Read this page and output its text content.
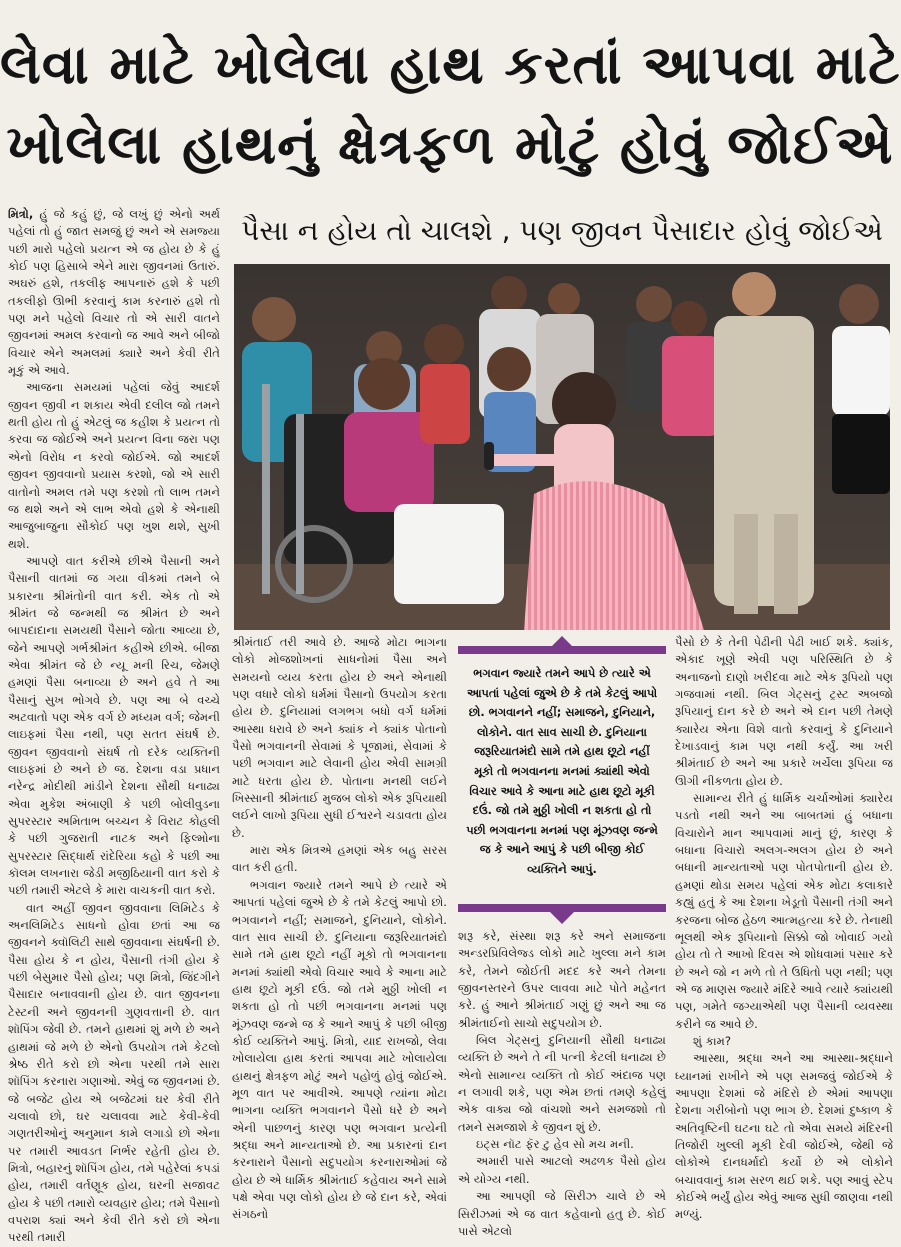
લેવા માટે ખોલેલા હાથ કરતાં આપવા માટે
ખોલેલા હાથનું ક્ષેત્રફળ મોટું હોવું જોઈએ
પૈસા ન હોય તો ચાલશે , પણ જીવન પૈસાદાર હોવું જોઈએ

મિત્રો, હું જે કહું છું, જે લખું છું એનો અર્થ પહેલાં તો હું જાત સમજું છું અને એ સમજ્યા પછી મારો પહેલો પ્રયત્ન એ જ હોય છે કે હું કોઈ પણ હિસાબે એને મારા જીવનમાં ઉતારું. અઘરું હશે, તકલીફ આપનારું હશે કે પછી તકલીફો ઊભી કરવાનું કામ કરનારું હશે તો પણ મને પહેલો વિચાર તો એ સારી વાતને જીવનમાં અમલ કરવાનો જ આવે અને બીજો વિચાર એને અમલમાં ક્યારે અને કેવી રીતે મૂકું એ આવે.

આજના સમયમાં પહેલાં જેવું આદર્શ જીવન જીવી ન શકાય એવી દલીલ જો તમને થતી હોય તો હું એટલું જ કહીશ કે પ્રયત્ન તો કરવા જ જોઈએ અને પ્રયત્ન વિના જરા પણ એનો વિરોધ ન કરવો જોઈએ. જો આદર્શ જીવન જીવવાનો પ્રયાસ કરશો, જો એ સારી વાતોનો અમલ તમે પણ કરશો તો લાભ તમને જ થશે અને એ લાભ એવો હશે કે એનાથી આજુબાજુના સૌકોઈ પણ ખુશ થશે, સુખી થશે.

આપણે વાત કરીએ છીએ પૈસાની અને પૈસાની વાતમાં જ ગયા વીકમાં તમને બે પ્રકારના શ્રીમંતોની વાત કરી. એક તો એ શ્રીમંત જે જન્મથી જ શ્રીમંત છે અને બાપદાદાના સમયથી પૈસાને જોતા આવ્યા છે, જેને આપણે ગર્ભશ્રીમંત કહીએ છીએ. બીજા એવા શ્રીમંત જે છે ન્યૂ મની રિચ, જેમણે હમણાં પૈસા બનાવ્યા છે અને હવે તે આ પૈસાનું સુખ ભોગવે છે. પણ આ બે વચ્ચે અટવાતો પણ એક વર્ગ છે મધ્યમ વર્ગ; જેમની લાઇફમાં પૈસા નથી, પણ સતત સંઘર્ષ છે. જીવન જીવવાનો સંઘર્ષ તો દરેક વ્યક્તિની લાઇફમાં છે અને છે જ. દેશના વડા પ્રધાન નરેન્દ્ર મોદીથી માંડીને દેશના સૌથી ધનાઢ્ય એવા મુકેશ અંબાણી કે પછી બોલીવુડના સુપરસ્ટાર અમિતાભ બચ્ચન કે વિરાટ કોહલી કે પછી ગુજરાતી નાટક અને ફિલ્મોના સુપરસ્ટાર સિદ્ધાર્થ રાંદેરિયા કહો કે પછી આ કૉલમ લખનારા જેડી મજીઠિયાની વાત કરો કે પછી તમારી એટલે કે મારા વાચકની વાત કરો.

વાત અહીં જીવન જીવવાના લિમિટેડ કે અનલિમિટેડ સાધનો હોવા છતાં આ જ જીવનને ક્વૉલિટી સાથે જીવવાના સંઘર્ષની છે. પૈસા હોય કે ન હોય, પૈસાની તંગી હોય કે પછી બેસુમાર પૈસો હોય; પણ મિત્રો, જિંદગીને પૈસાદાર બનાવવાની હોય છે. વાત જીવનના ટેસ્ટની અને જીવનની ગુણવત્તાની છે. વાત શૉપિંગ જેવી છે. તમને હાથમાં શું મળે છે અને હાથમાં જે મળે છે એનો ઉપયોગ તમે કેટલો શ્રેષ્ઠ રીતે કરો છો એના પરથી તમે સારા શૉપિંગ કરનારા ગણાઓ. એવું જ જીવનમાં છે. જે બજેટ હોય એ બજેટમાં ઘર કેવી રીતે ચલાવો છો, ઘર ચલાવવા માટે કેવી-કેવી ગણતરીઓનું અનુમાન કામે લગાડો છો એના પર તમારી આવડત નિર્ભર રહેતી હોય છે. મિત્રો, બહારનું શૉપિંગ હોય, તમે પહેરેલાં કપડાં હોય, તમારી વર્તણૂક હોય, ઘરની સજાવટ હોય કે પછી તમારો વ્યવહાર હોય; તમે પૈસાનો વપરાશ ક્યાં અને કેવી રીતે કરો છો એના પરથી તમારી

શ્રીમંતાઈ તરી આવે છે. આજે મોટા ભાગના લોકો મોજશોખનાં સાધનોમાં પૈસા અને સમયનો વ્યય કરતા હોય છે અને એનાથી પણ વધારે લોકો ધર્મમાં પૈસાનો ઉપયોગ કરતા હોય છે. દુનિયામાં લગભગ બધો વર્ગ ધર્મમાં આસ્થા ધરાવે છે અને ક્યાંક ને ક્યાંક પોતાનો પૈસો ભગવાનની સેવામાં કે પૂજામાં, સેવામાં કે પછી ભગવાન માટે લેવાની હોય એવી સામગ્રી માટે ધરતા હોય છે. પોતાના મનથી લઈને ખિસ્સાની શ્રીમંતાઈ મુજબ લોકો એક રૂપિયાથી લઈને લાખો રૂપિયા સુધી ઈશ્વરને ચડાવતા હોય છે.

મારા એક મિત્રએ હમણાં એક બહુ સરસ વાત કરી હતી.

ભગવાન જ્યારે તમને આપે છે ત્યારે એ આપતાં પહેલાં જુએ છે કે તમે કેટલું આપો છો. ભગવાનને નહીં; સમાજને, દુનિયાને, લોકોને. વાત સાવ સાચી છે. દુનિયાના જરૂરિયાતમંદો સામે તમે હાથ છૂટો નહીં મૂકો તો ભગવાનના મનમાં ક્યાંથી એવો વિચાર આવે કે આના માટે હાથ છૂટો મૂકી દઉં. જો તમે મુઠ્ઠી ખોલી ન શકતા હો તો પછી ભગવાનના મનમાં પણ મૂંઝવણ જન્મે જ કે આને આપું કે પછી બીજી કોઈ વ્યક્તિને આપું. મિત્રો, યાદ રાખજો, લેવા ખોલાયેલા હાથ કરતાં આપવા માટે ખોલાયેલા હાથનું ક્ષેત્રફળ મોટું અને પહોળું હોવું જોઈએ. મૂળ વાત પર આવીએ. આપણે ત્યાંના મોટા ભાગના વ્યક્તિ ભગવાનને પૈસો ધરે છે અને એની પાછળનું કારણ પણ ભગવાન પ્રત્યેની શ્રદ્ધા અને માન્યતાઓ છે. આ પ્રકારનાં દાન કરનારાને પૈસાનો સદુપયોગ કરનારાઓમાં જે હોય છે એ ધાર્મિક શ્રીમંતાઈ કહેવાય અને સામે પક્ષે એવા પણ લોકો હોય છે જે દાન કરે, એવાં સંગઠનો

ભગવાન જ્યારે તમને આપે છે ત્યારે એ આપતાં પહેલાં જુએ છે કે તમે કેટલું આપો છો. ભગવાનને નહીં; સમાજને, દુનિયાને, લોકોને. વાત સાવ સાચી છે. દુનિયાના જરૂરિયાતમંદો સામે તમે હાથ છૂટો નહીં મૂકો તો ભગવાનના મનમાં ક્યાંથી એવો વિચાર આવે કે આના માટે હાથ છૂટો મૂકી દઉં. જો તમે મુઠ્ઠી ખોલી ન શકતા હો તો પછી ભગવાનના મનમાં પણ મૂંઝવણ જન્મે જ કે આને આપું કે પછી બીજી કોઈ વ્યક્તિને આપું.

શરૂ કરે, સંસ્થા શરૂ કરે અને સમાજના અન્ડરપ્રિવિલેજ્ડ લોકો માટે ખુલ્લા મને કામ કરે, તેમને જોઈતી મદદ કરે અને તેમના જીવનસ્તરને ઉપર લાવવા માટે પોતે મહેનત કરે. હું આને શ્રીમંતાઈ ગણું છું અને આ જ શ્રીમંતાઈનો સાચો સદુપયોગ છે.

બિલ ગેટ્સનું દુનિયાની સૌથી ધનાઢ્ય વ્યક્તિ છે અને તે ની પત્ની કેટલી ધનાઢ્ય છે એનો સામાન્ય વ્યક્તિ તો કોઈ અંદાજ પણ ન લગાવી શકે, પણ એમ છતાં તમણે કહેલું એક વાક્ય જો વાંચશો અને સમજશો તો તમને સમજાશે કે જીવન શું છે.

ઇટ્સ નૉટ ફૅર ટુ હેવ સો મચ મની.

અમારી પાસે આટલો અઢળક પૈસો હોય એ યોગ્ય નથી.

આ આપણી જે સિરીઝ ચાલે છે એ સિરીઝમાં એ જ વાત કહેવાનો હતુ છે. કોઈ પાસે એટલો

પૈસો છે કે તેની પેઢીની પેઢી ખાઈ શકે. ક્યાંક, એકાદ ખૂણે એવી પણ પરિસ્થિતિ છે કે અનાજનો દાણો ખરીદવા માટે એક રૂપિયો પણ ગજવામાં નથી. બિલ ગેટ્સનું ટ્રસ્ટ અબજો રૂપિયાનું દાન કરે છે અને એ દાન પછી તેમણે ક્યારેય એના વિશે વાતો કરવાનું કે દુનિયાને દેખાડવાનું કામ પણ નથી કર્યું. આ ખરી શ્રીમંતાઈ છે અને આ પ્રકારે ખર્ચેલા રૂપિયા જ ઊગી નીકળતા હોય છે.

સામાન્ય રીતે હું ધાર્મિક ચર્ચાઓમાં ક્યારેય પડતો નથી અને આ બાબતમાં હું બધાના વિચારોને માન આપવામાં માનું છું, કારણ કે બધાના વિચારો અલગ-અલગ હોય છે અને બધાની માન્યતાઓ પણ પોતપોતાની હોય છે. હમણાં થોડા સમય પહેલાં એક મોટા કલાકારે કહ્યું હતું કે આ દેશના ખેડૂતો પૈસાની તંગી અને કરજના બોજ હેઠળ આત્મહત્યા કરે છે. તેનાથી ભૂલથી એક રૂપિયાનો સિક્કો જો ખોવાઈ ગયો હોય તો તે આખો દિવસ એ શોધવામાં પસાર કરે છે અને જો ન મળે તો તે ઉધિતો પણ નથી; પણ એ જ માણસ જ્યારે મંદિરે આવે ત્યારે ક્યાંયથી પણ, ગમેતે જગ્યાએથી પણ પૈસાની વ્યવસ્થા કરીને જ આવે છે.

શું કામ?

આસ્થા, શ્રદ્ધા અને આ આસ્થા-શ્રદ્ધાને ધ્યાનમાં રાખીને એ પણ સમજવું જોઈએ કે આપણા દેશમાં જે મંદિરો છે એમાં આપણા દેશના ગરીબોનો પણ ભાગ છે. દેશમાં દુષ્કાળ કે અતિવૃષ્ટિની ઘટના ઘટે તો એવા સમયે મંદિરની તિજોરી ખુલ્લી મૂકી દેવી જોઈએ, જેથી જે લોકોએ દાનધર્માદો કર્યો છે એ લોકોને બચાવવાનું કામ સરળ થઈ શકે. પણ આવું સ્ટેપ કોઈએ ભર્યું હોય એવું આજ સુધી જાણવા નથી મળ્યું.
